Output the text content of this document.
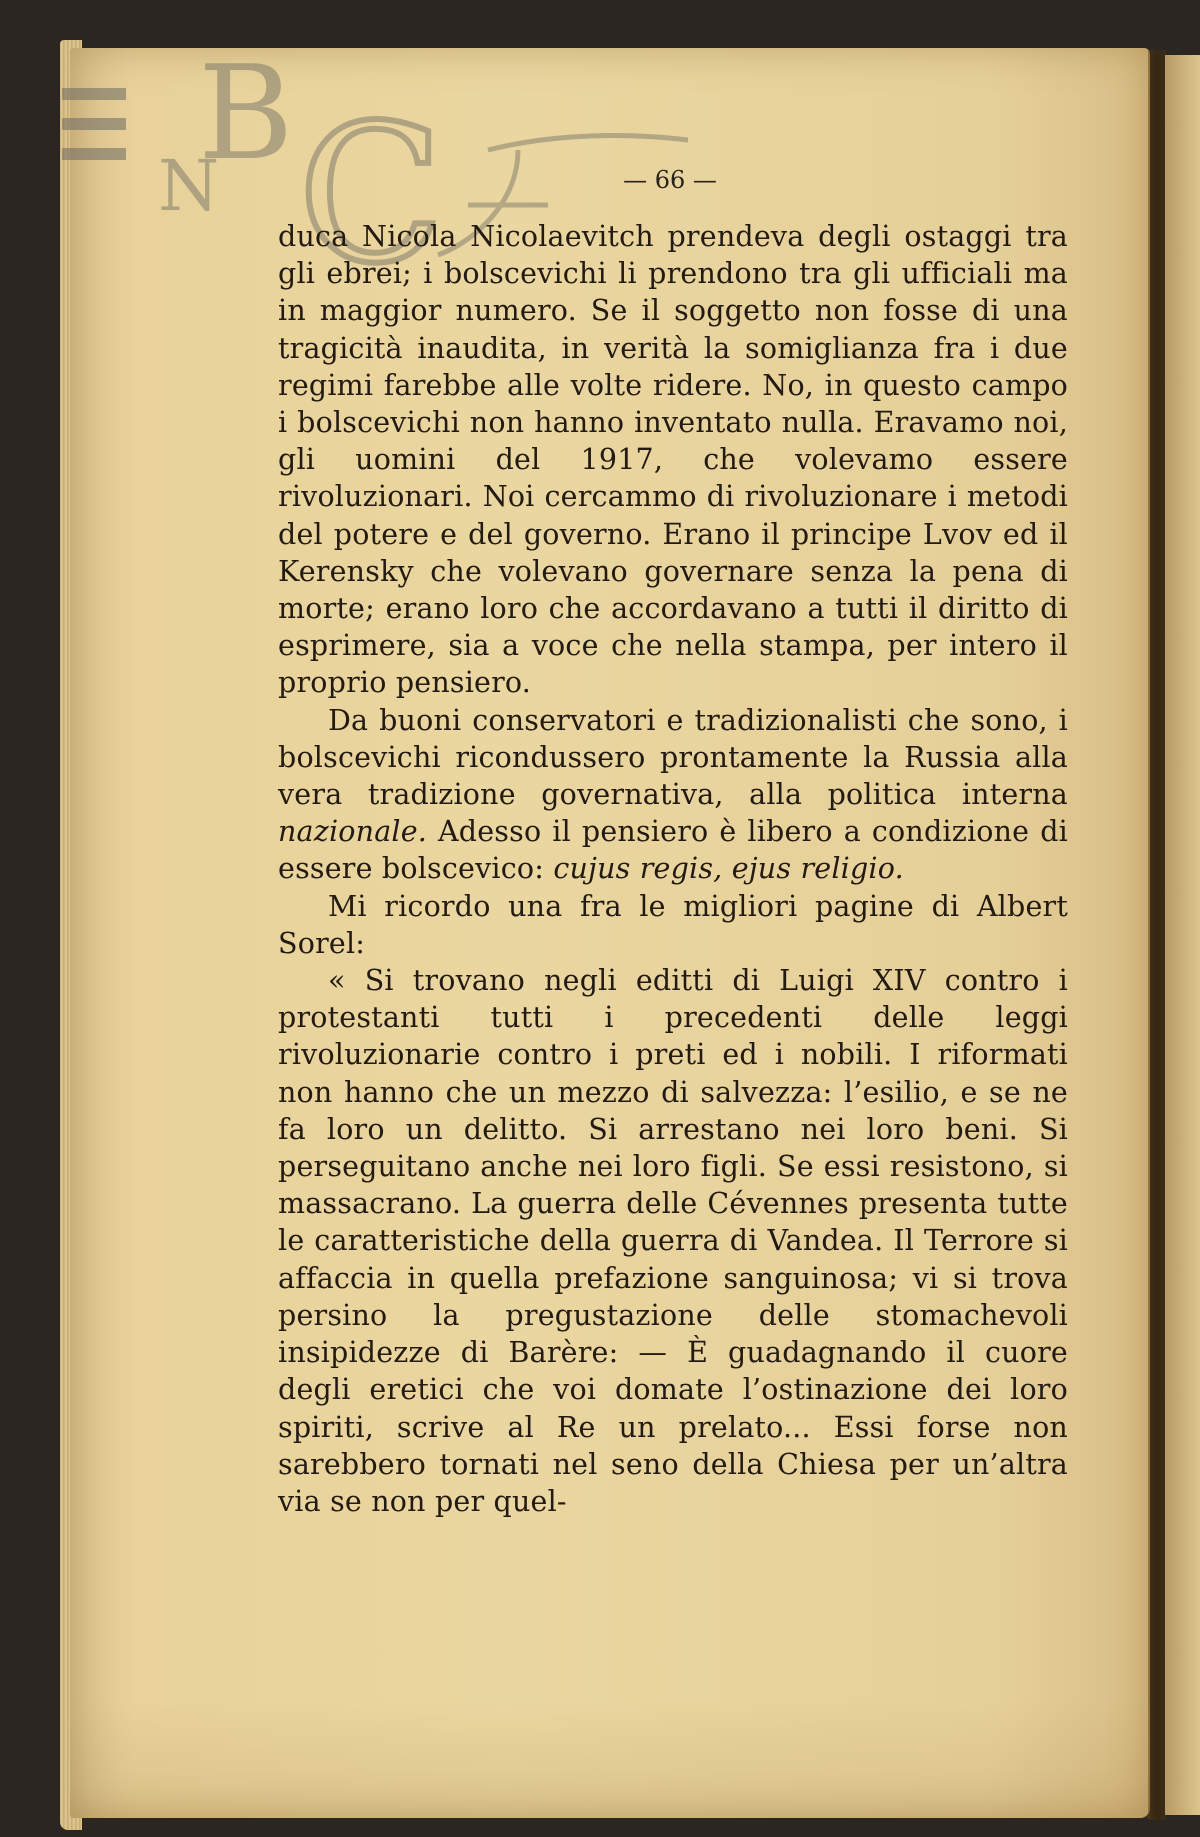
B
N C
BNC F
— 66 —

duca Nicola Nicolaevitch prendeva degli ostaggi tra gli ebrei; i bolscevichi li prendono tra gli ufficiali ma in maggior numero. Se il soggetto non fosse di una tragicità inaudita, in verità la somiglianza fra i due regimi farebbe alle volte ridere. No, in questo campo i bolscevichi non hanno inventato nulla. Eravamo noi, gli uomini del 1917, che volevamo essere rivoluzionari. Noi cercammo di rivoluzionare i metodi del potere e del governo. Erano il principe Lvov ed il Kerensky che volevano governare senza la pena di morte; erano loro che accordavano a tutti il diritto di esprimere, sia a voce che nella stampa, per intero il proprio pensiero.

Da buoni conservatori e tradizionalisti che sono, i bolscevichi ricondussero prontamente la Russia alla vera tradizione governativa, alla politica interna nazionale. Adesso il pensiero è libero a condizione di essere bolscevico: cujus regis, ejus religio.

Mi ricordo una fra le migliori pagine di Albert Sorel:

« Si trovano negli editti di Luigi XIV contro i protestanti tutti i precedenti delle leggi rivoluzionarie contro i preti ed i nobili. I riformati non hanno che un mezzo di salvezza: l’esilio, e se ne fa loro un delitto. Si arrestano nei loro beni. Si perseguitano anche nei loro figli. Se essi resistono, si massacrano. La guerra delle Cévennes presenta tutte le caratteristiche della guerra di Vandea. Il Terrore si affaccia in quella prefazione sanguinosa; vi si trova persino la pregustazione delle stomachevoli insipidezze di Barère: — È guadagnando il cuore degli eretici che voi domate l’ostinazione dei loro spiriti, scrive al Re un prelato... Essi forse non sarebbero tornati nel seno della Chiesa per un’altra via se non per quel-
